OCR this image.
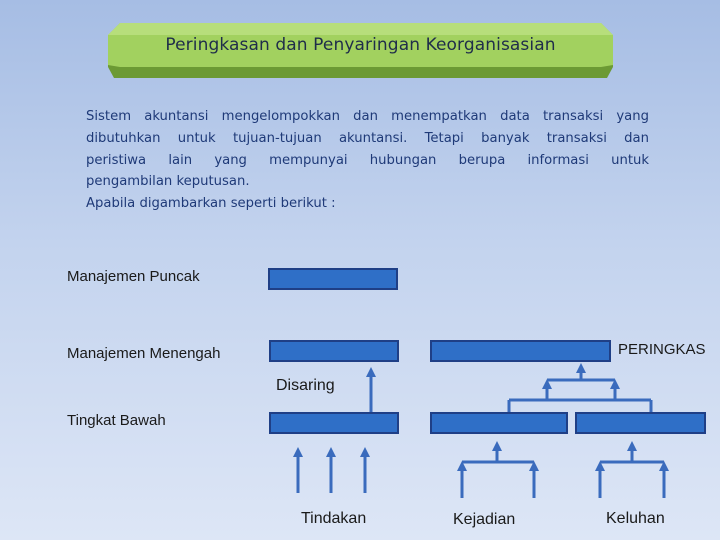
Peringkasan dan Penyaringan Keorganisasian
Sistem akuntansi mengelompokkan dan menempatkan data transaksi yang
dibutuhkan untuk tujuan-tujuan akuntansi. Tetapi banyak transaksi dan
peristiwa lain yang mempunyai hubungan berupa informasi untuk
pengambilan keputusan.
Apabila digambarkan seperti berikut :
Manajemen Puncak
Manajemen Menengah
Tingkat Bawah
Disaring
PERINGKAS
Tindakan	Kejadian	Keluhan
